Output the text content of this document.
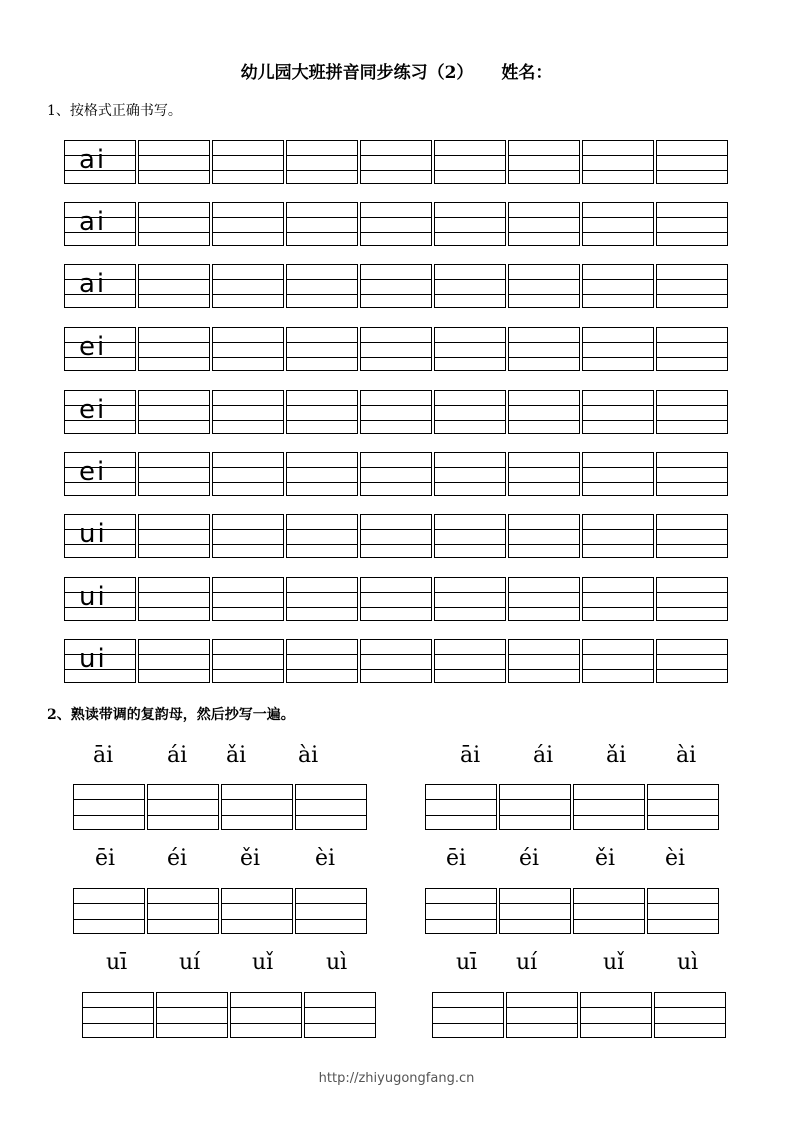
幼儿园大班拼音同步练习（2） 姓名：
1、按格式正确书写。
ai
ai
ai
ei
ei
ei
ui
ui
ui
2、熟读带调的复韵母，然后抄写一遍。
āi ái ǎi ài	āi ái ǎi ài
ēi éi ěi èi	ēi éi	ěi èi
uī uí uǐ uì	uī uí	uǐ uì
http://zhiyugongfang.cn
